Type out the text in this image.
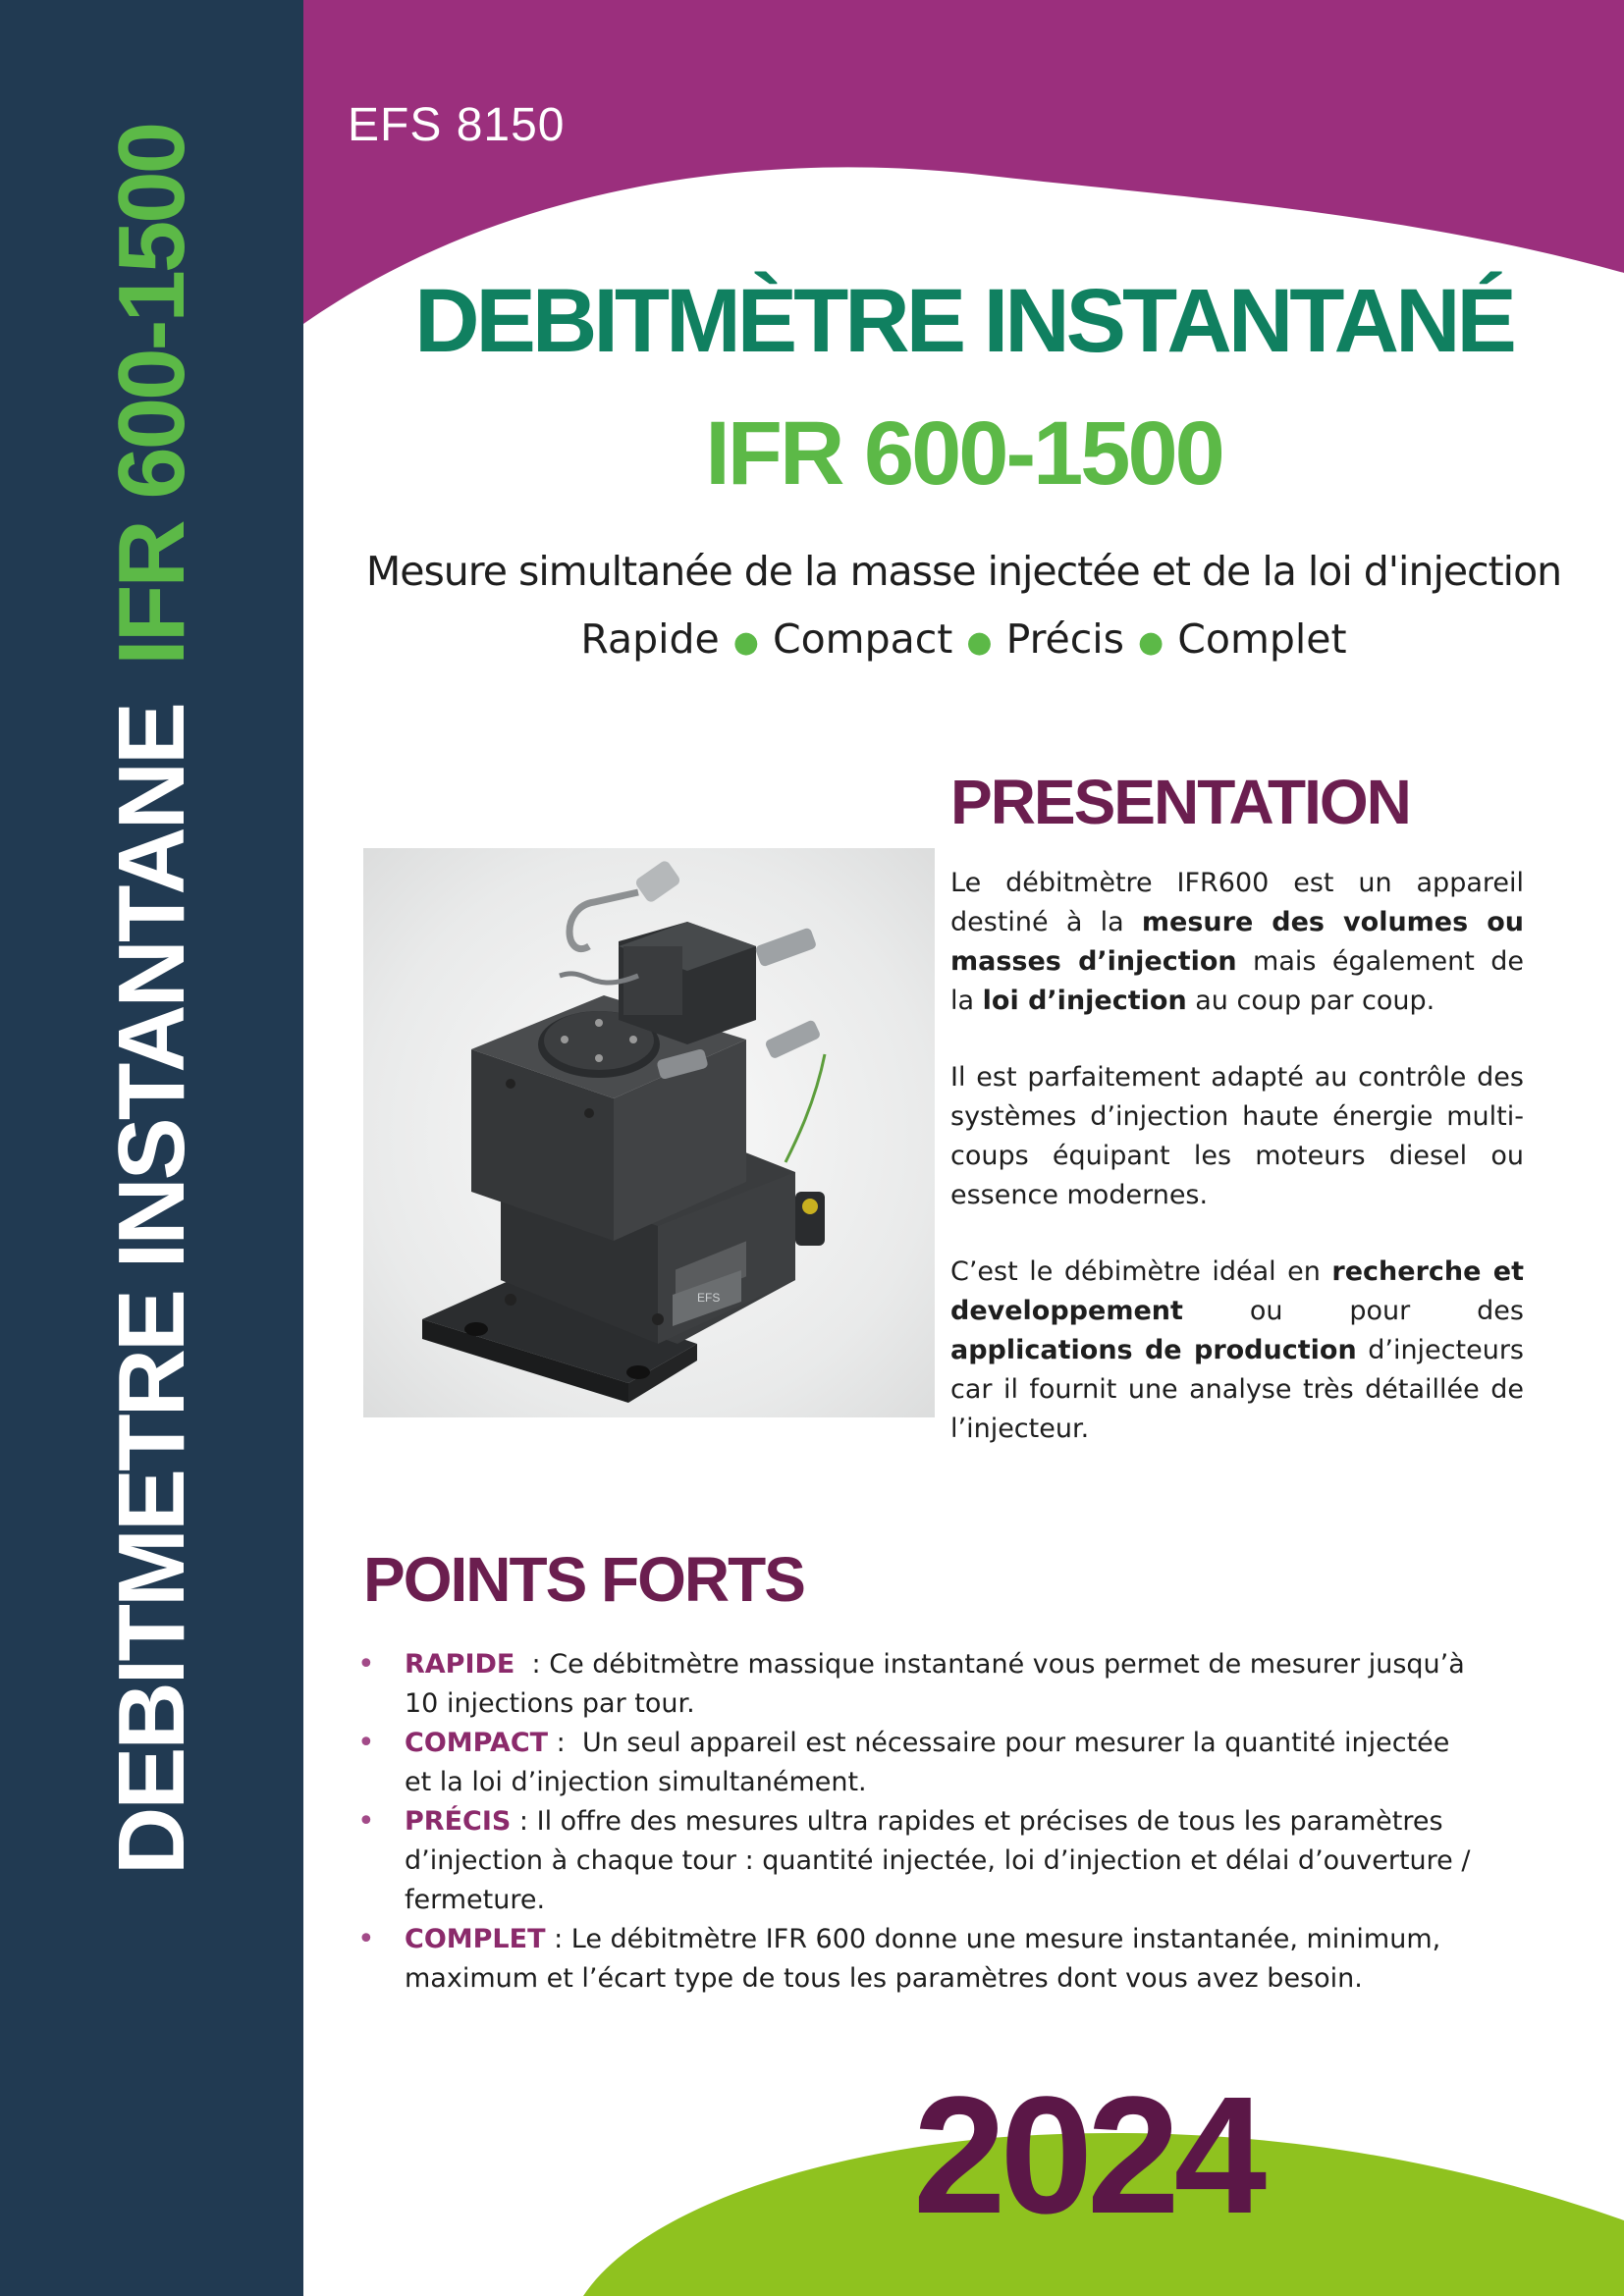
DEBITMETRE INSTANTANEIFR 600-1500	EFS 8150
DEBITMÈTRE INSTANTANÉ
IFR 600-1500
Mesure simultanée de la masse injectée et de la loi d'injection
Rapide ● Compact ● Précis ● Complet
PRESENTATION
EFS

Le débitmètre IFR600 est un appareil destiné à la mesure des volumes ou masses d’injection mais également de la loi d’injection au coup par coup.

Il est parfaitement adapté au contrôle des systèmes d’injection haute énergie multi-coups équipant les moteurs diesel ou essence modernes.

C’est le débimètre idéal en recherche et developpement ou pour des applications de production d’injecteurs car il fournit une analyse très détaillée de l’injecteur.

POINTS FORTS
• RAPIDE  : Ce débitmètre massique instantané vous permet de mesurer jusqu’à 10 injections par tour.
• COMPACT :  Un seul appareil est nécessaire pour mesurer la quantité injectée et la loi d’injection simultanément.
• PRÉCIS : Il offre des mesures ultra rapides et précises de tous les paramètres d’injection à chaque tour : quantité injectée, loi d’injection et délai d’ouverture / fermeture.
• COMPLET : Le débitmètre IFR 600 donne une mesure instantanée, minimum, maximum et l’écart type de tous les paramètres dont vous avez besoin.
2024
